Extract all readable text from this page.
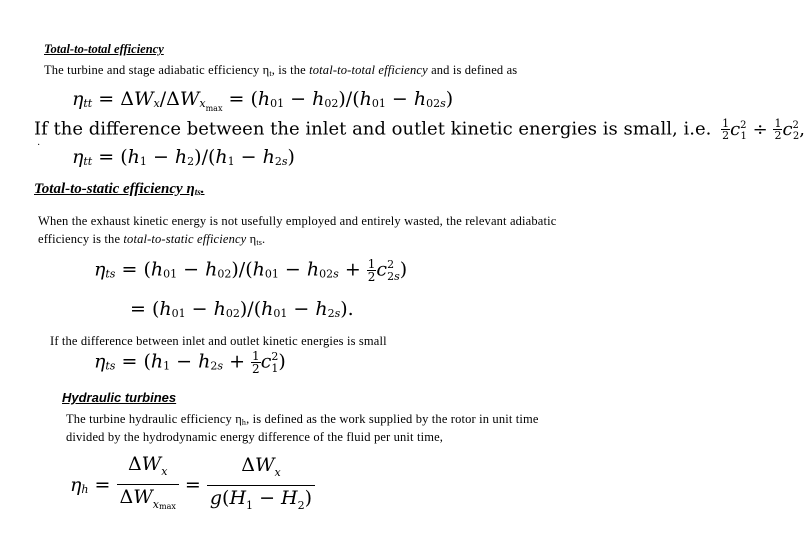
Total-to-total efficiency
The turbine and stage adiabatic efficiency $\eta_t$, is the total-to-total efficiency and is defined as
ηtt = ΔWx/ΔWx$_{max}$ = (h01 − h02)/(h01 − h02s)
If the difference between the inlet and outlet kinetic energies is small, i.e. $\frac{1}{2} c^2_1 \div \frac{1}{2} c^2_2$,
·
ηtt = (h1 − h2)/(h1 − h2s)
Total-to-static efficiency $\eta_{ts}$.
When the exhaust kinetic energy is not usefully employed and entirely wasted, the relevant adiabatic
efficiency is the total-to-static efficiency $\eta_{ts}$.
$\eta ts = (h01 - h02)/(h01 - h02s + \frac{1}{2} c^2_{2s})$
= (h01 − h02)/(h01 − h2s).
If the difference between inlet and outlet kinetic energies is small
$\eta ts = (h1 - h2s + \frac{1}{2} c^2_1)$
Hydraulic turbines
The turbine hydraulic efficiency $\eta_h$, is defined as the work supplied by the rotor in unit time
divided by the hydrodynamic energy difference of the fluid per unit time,
$\eta h = \frac{\Delta W_x}{\Delta W_{xmax}} = \frac{\Delta W_x}{g(H_1 - H_2)}$
